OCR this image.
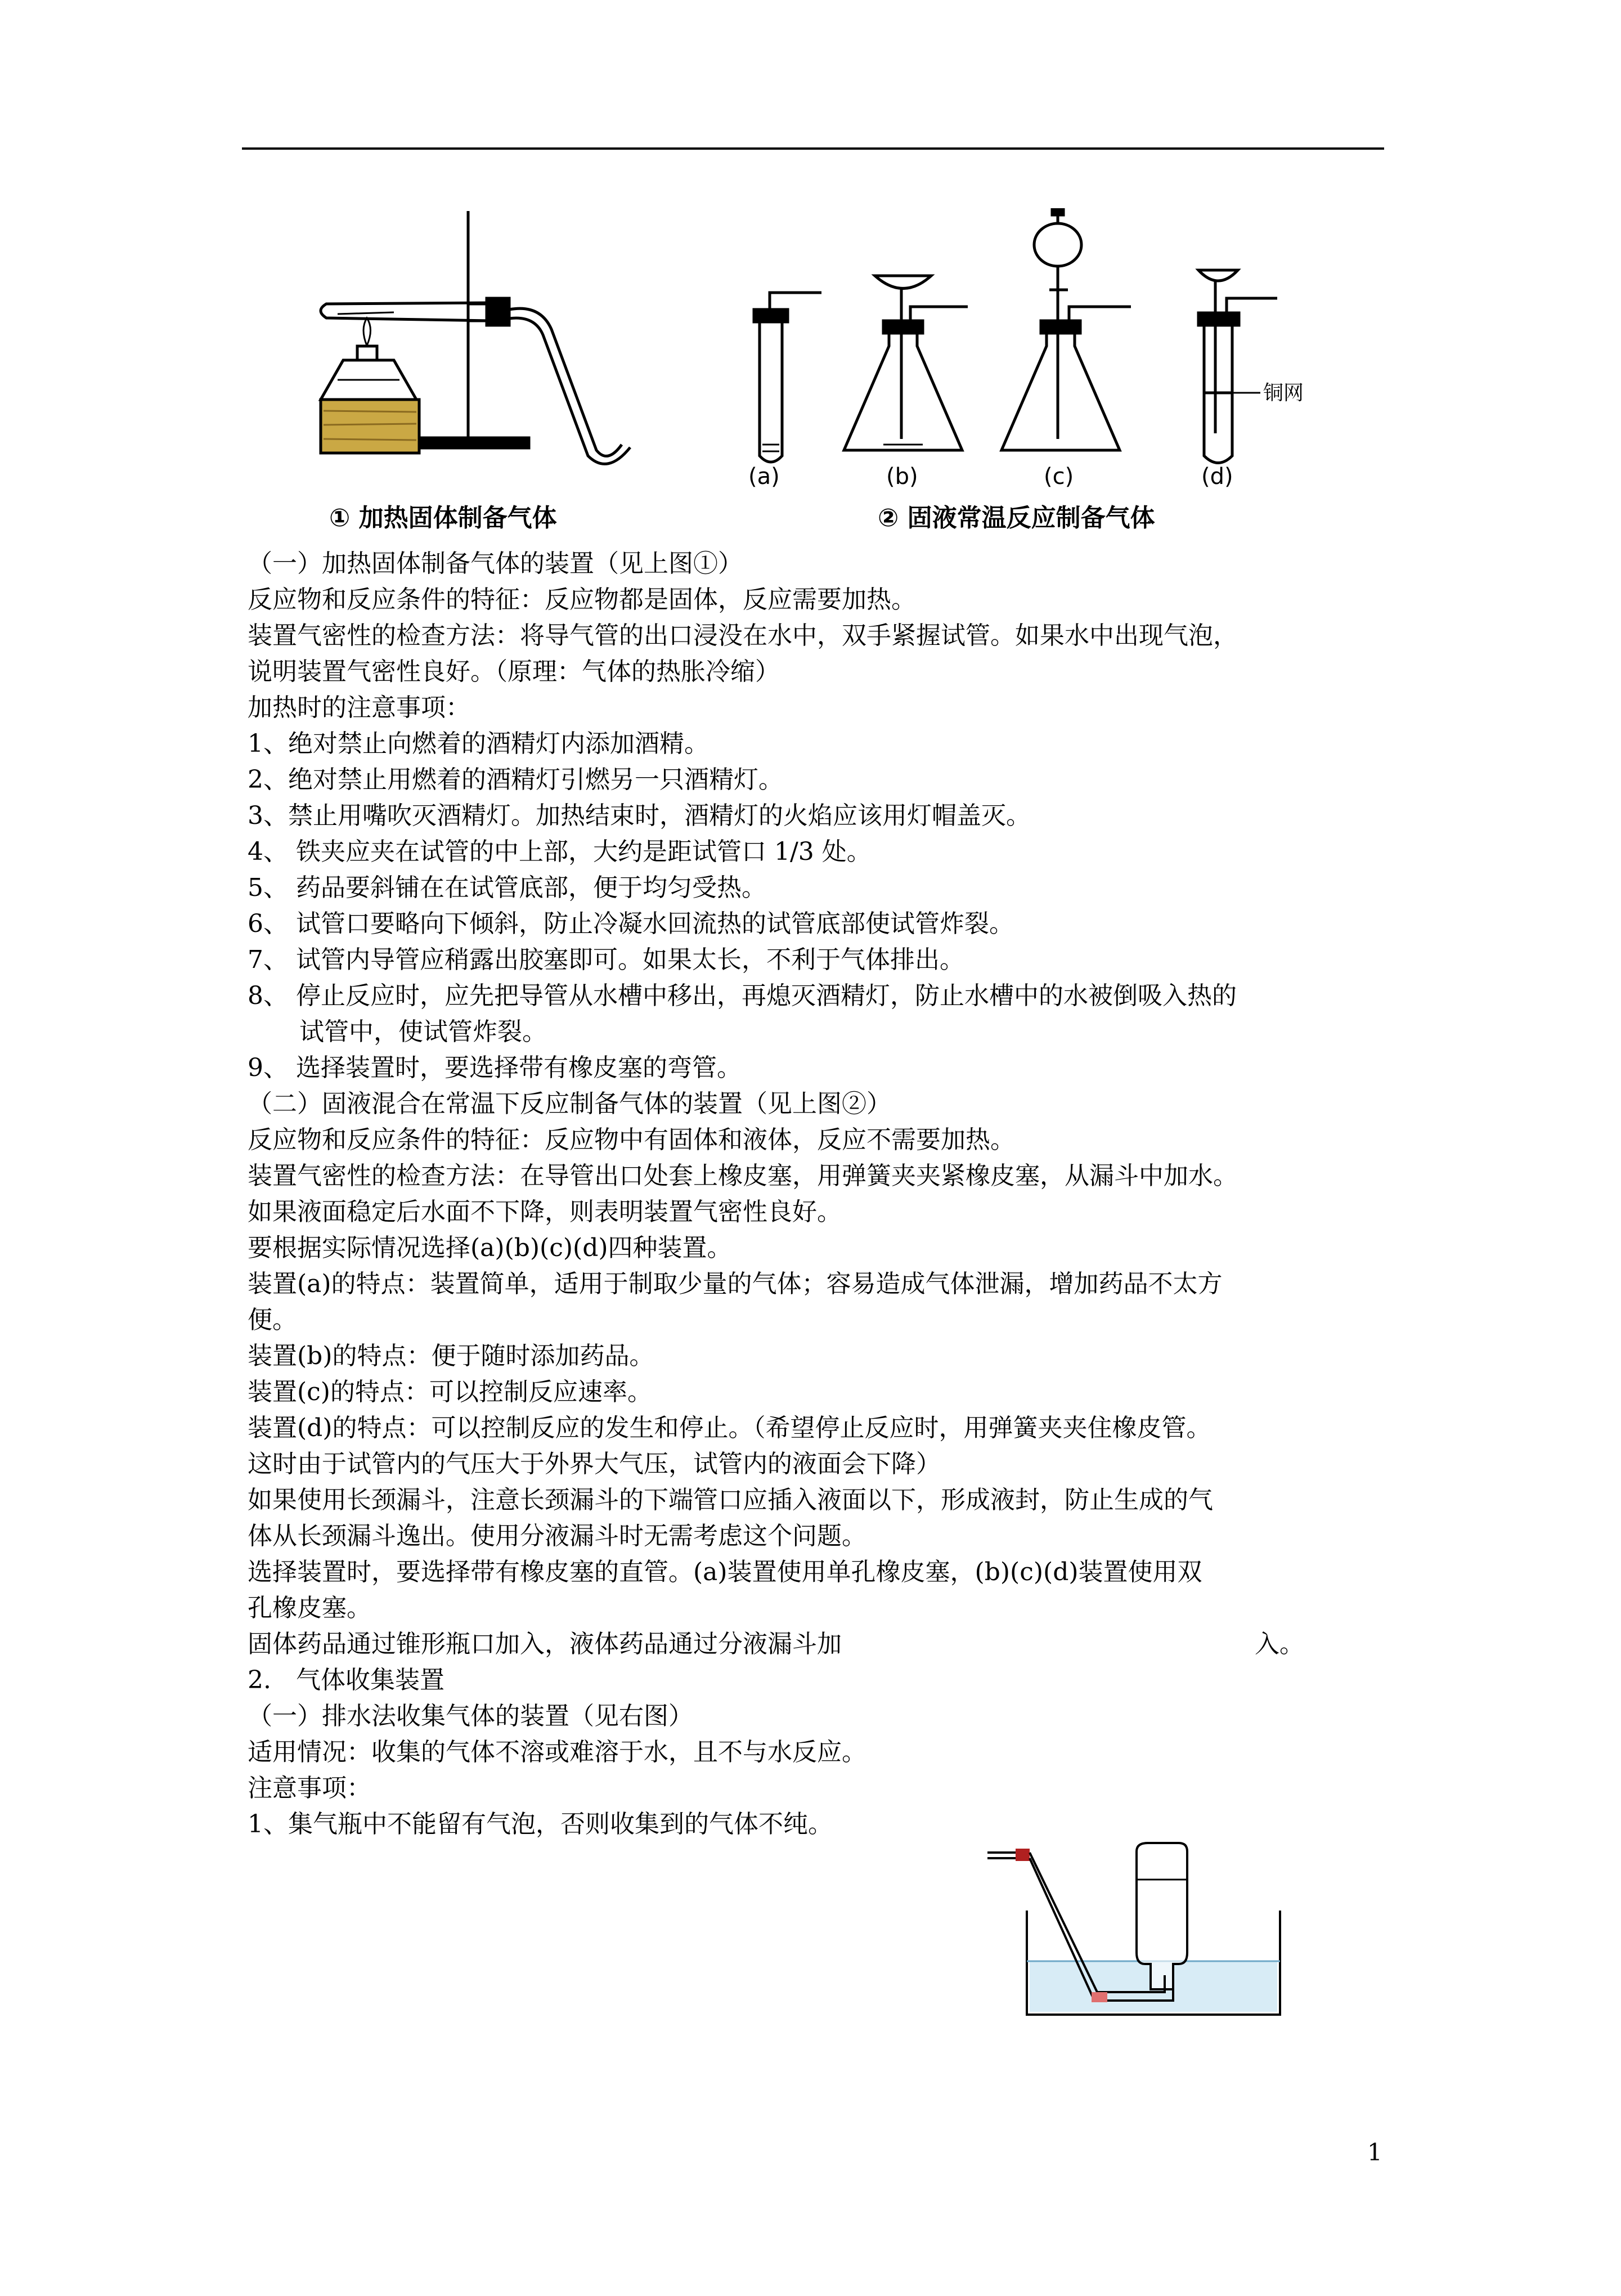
(a)	(b)	(c)	(d)
铜网
① 加热固体制备气体	② 固液常温反应制备气体
（一）加热固体制备气体的装置（见上图①）
反应物和反应条件的特征：反应物都是固体，反应需要加热。
装置气密性的检查方法：将导气管的出口浸没在水中，双手紧握试管。如果水中出现气泡，
说明装置气密性良好。（原理：气体的热胀冷缩）
加热时的注意事项：
1、绝对禁止向燃着的酒精灯内添加酒精。
2、绝对禁止用燃着的酒精灯引燃另一只酒精灯。
3、禁止用嘴吹灭酒精灯。加热结束时，酒精灯的火焰应该用灯帽盖灭。
4、 铁夹应夹在试管的中上部，大约是距试管口 1/3 处。
5、 药品要斜铺在在试管底部，便于均匀受热。
6、 试管口要略向下倾斜，防止冷凝水回流热的试管底部使试管炸裂。
7、 试管内导管应稍露出胶塞即可。如果太长，不利于气体排出。
8、 停止反应时，应先把导管从水槽中移出，再熄灭酒精灯，防止水槽中的水被倒吸入热的
试管中，使试管炸裂。
9、 选择装置时，要选择带有橡皮塞的弯管。
（二）固液混合在常温下反应制备气体的装置（见上图②）
反应物和反应条件的特征：反应物中有固体和液体，反应不需要加热。
装置气密性的检查方法：在导管出口处套上橡皮塞，用弹簧夹夹紧橡皮塞，从漏斗中加水。
如果液面稳定后水面不下降，则表明装置气密性良好。
要根据实际情况选择(a)(b)(c)(d)四种装置。
装置(a)的特点：装置简单，适用于制取少量的气体；容易造成气体泄漏，增加药品不太方
便。
装置(b)的特点：便于随时添加药品。
装置(c)的特点：可以控制反应速率。
装置(d)的特点：可以控制反应的发生和停止。（希望停止反应时，用弹簧夹夹住橡皮管。
这时由于试管内的气压大于外界大气压，试管内的液面会下降）
如果使用长颈漏斗，注意长颈漏斗的下端管口应插入液面以下，形成液封，防止生成的气
体从长颈漏斗逸出。使用分液漏斗时无需考虑这个问题。
选择装置时，要选择带有橡皮塞的直管。(a)装置使用单孔橡皮塞，(b)(c)(d)装置使用双
孔橡皮塞。
固体药品通过锥形瓶口加入，液体药品通过分液漏斗加	入。
2.　气体收集装置
（一）排水法收集气体的装置（见右图）
适用情况：收集的气体不溶或难溶于水，且不与水反应。
注意事项：
1、集气瓶中不能留有气泡，否则收集到的气体不纯。
1
